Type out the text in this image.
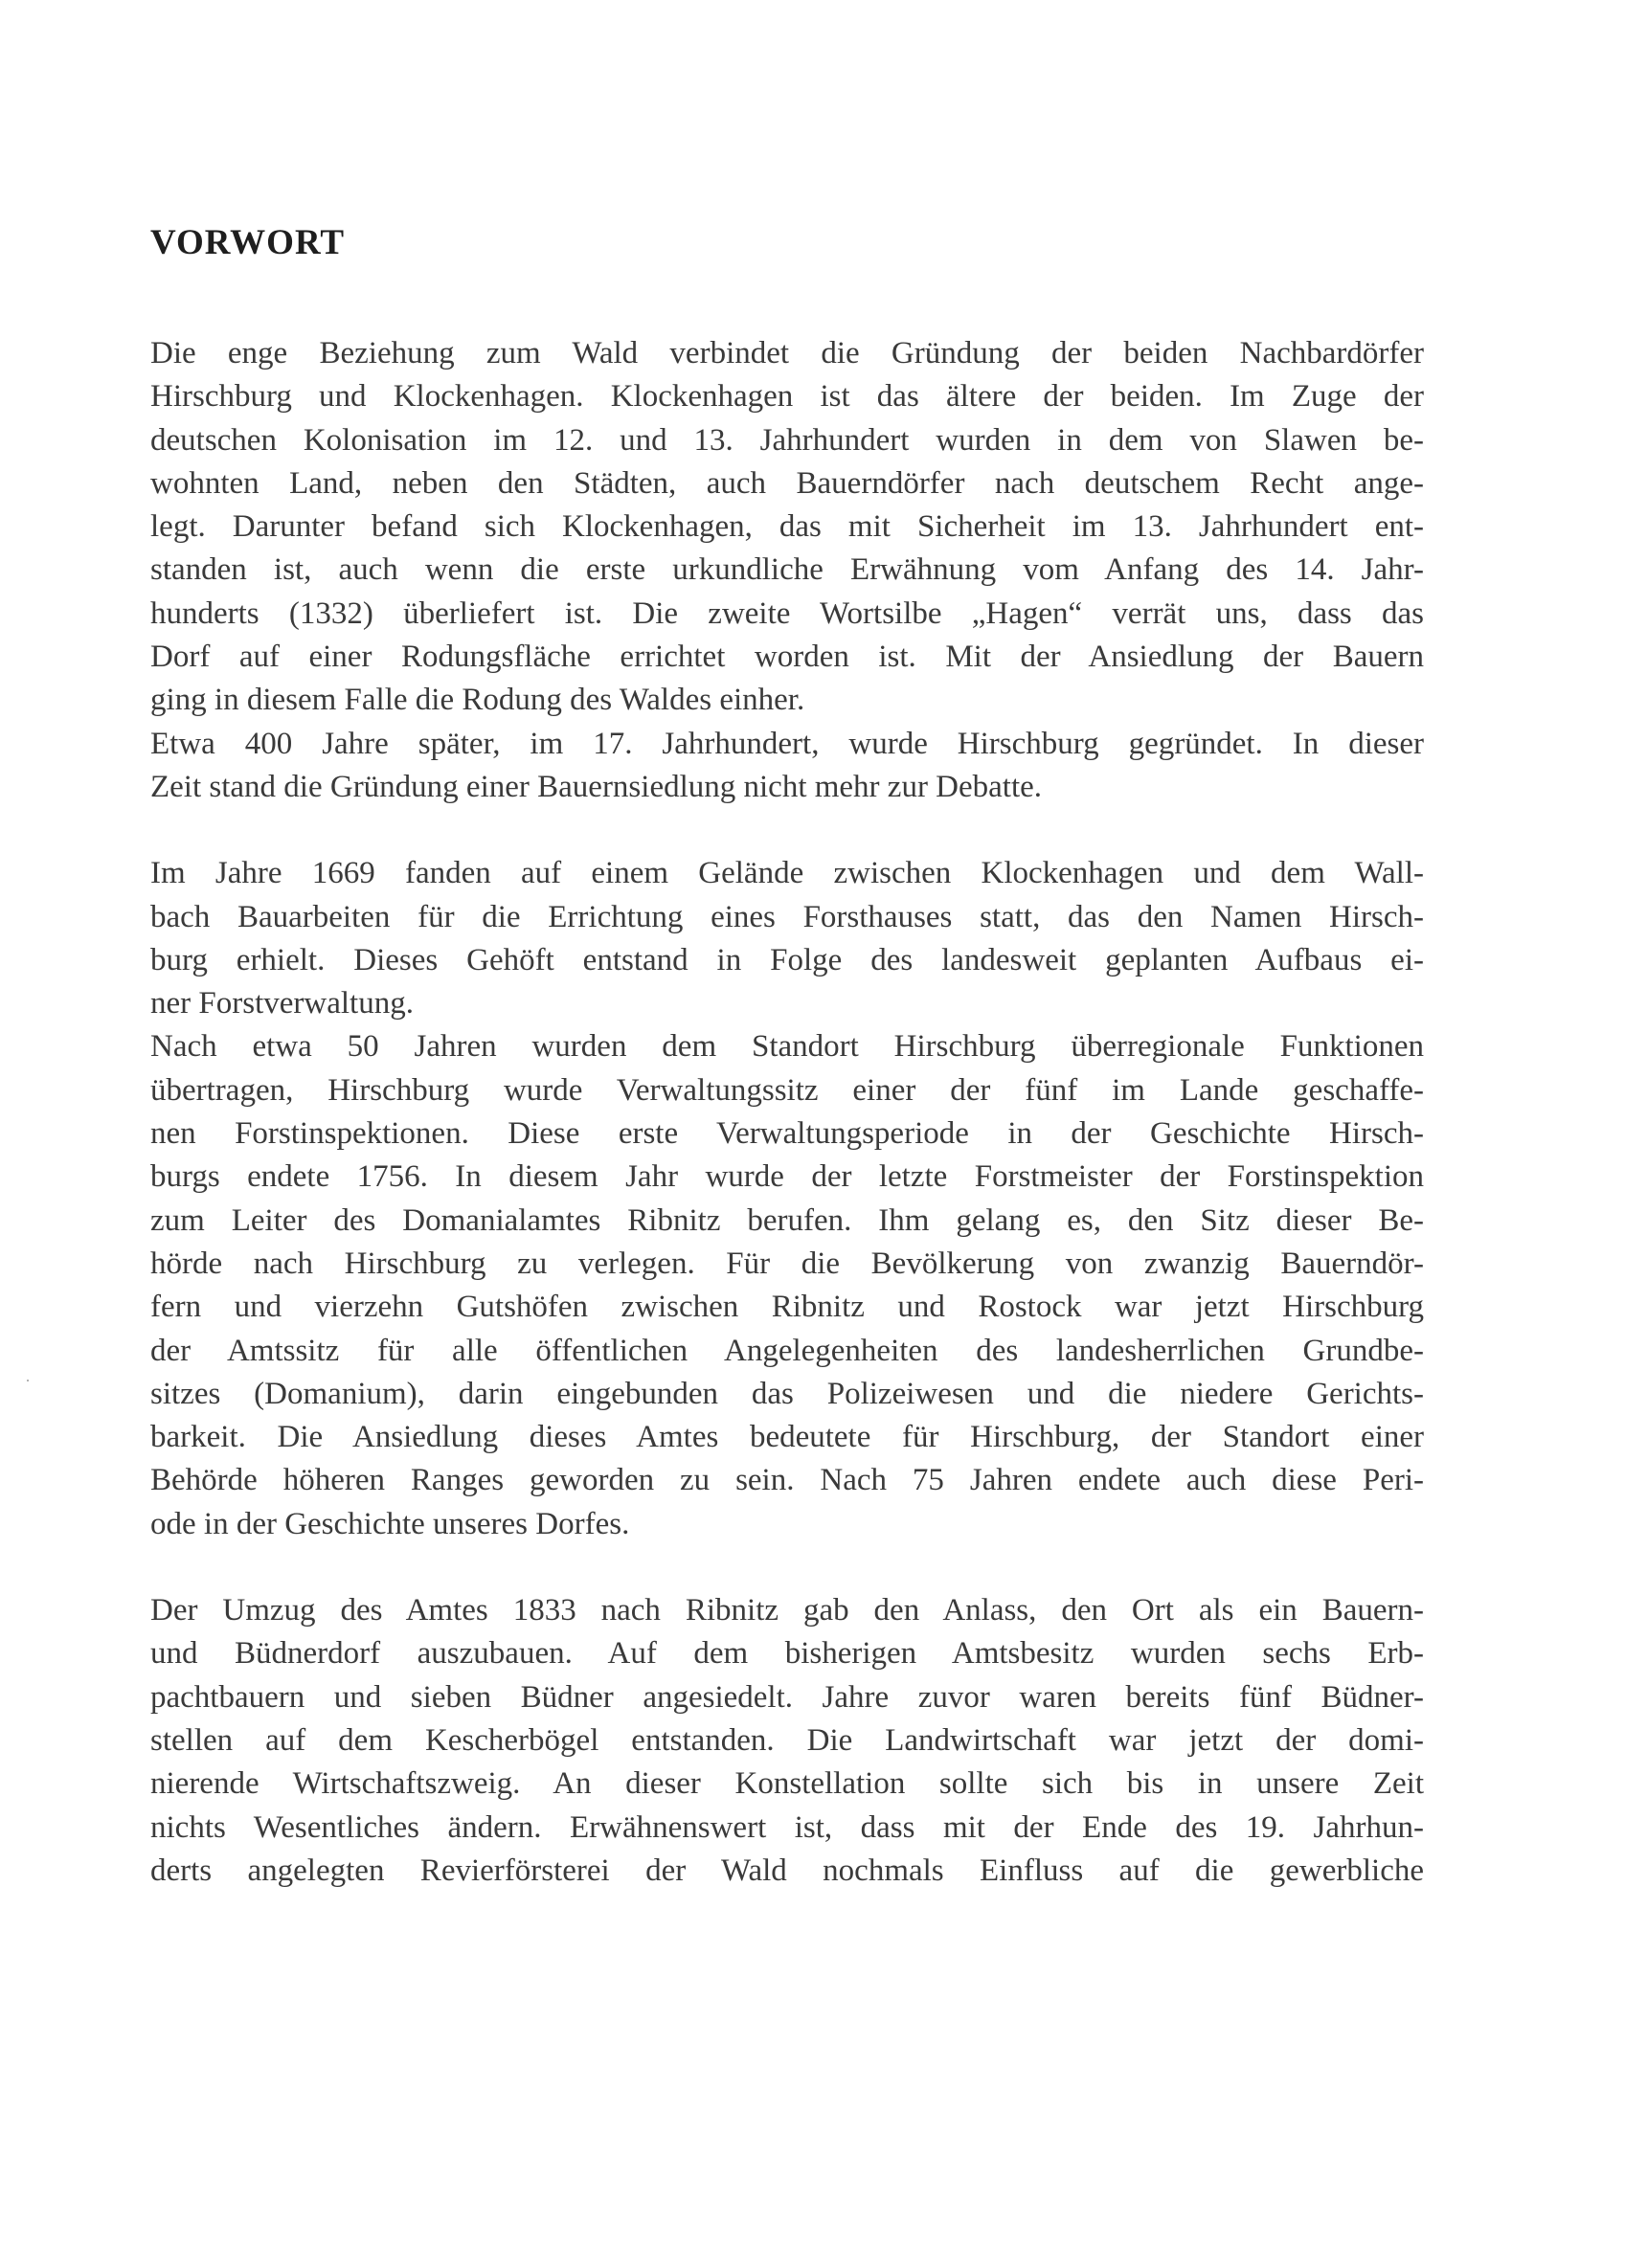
VORWORT
Die enge Beziehung zum Wald verbindet die Gründung der beiden Nachbardörfer
Hirschburg und Klockenhagen. Klockenhagen ist das ältere der beiden. Im Zuge der
deutschen Kolonisation im 12. und 13. Jahrhundert wurden in dem von Slawen be-
wohnten Land, neben den Städten, auch Bauerndörfer nach deutschem Recht ange-
legt. Darunter befand sich Klockenhagen, das mit Sicherheit im 13. Jahrhundert ent-
standen ist, auch wenn die erste urkundliche Erwähnung vom Anfang des 14. Jahr-
hunderts (1332) überliefert ist. Die zweite Wortsilbe „Hagen“ verrät uns, dass das
Dorf auf einer Rodungsfläche errichtet worden ist. Mit der Ansiedlung der Bauern
ging in diesem Falle die Rodung des Waldes einher.
Etwa 400 Jahre später, im 17. Jahrhundert, wurde Hirschburg gegründet. In dieser
Zeit stand die Gründung einer Bauernsiedlung nicht mehr zur Debatte.
Im Jahre 1669 fanden auf einem Gelände zwischen Klockenhagen und dem Wall-
bach Bauarbeiten für die Errichtung eines Forsthauses statt, das den Namen Hirsch-
burg erhielt. Dieses Gehöft entstand in Folge des landesweit geplanten Aufbaus ei-
ner Forstverwaltung.
Nach etwa 50 Jahren wurden dem Standort Hirschburg überregionale Funktionen
übertragen, Hirschburg wurde Verwaltungssitz einer der fünf im Lande geschaffe-
nen Forstinspektionen. Diese erste Verwaltungsperiode in der Geschichte Hirsch-
burgs endete 1756. In diesem Jahr wurde der letzte Forstmeister der Forstinspektion
zum Leiter des Domanialamtes Ribnitz berufen. Ihm gelang es, den Sitz dieser Be-
hörde nach Hirschburg zu verlegen. Für die Bevölkerung von zwanzig Bauerndör-
fern und vierzehn Gutshöfen zwischen Ribnitz und Rostock war jetzt Hirschburg
der Amtssitz für alle öffentlichen Angelegenheiten des landesherrlichen Grundbe-
sitzes (Domanium), darin eingebunden das Polizeiwesen und die niedere Gerichts-
barkeit. Die Ansiedlung dieses Amtes bedeutete für Hirschburg, der Standort einer
Behörde höheren Ranges geworden zu sein. Nach 75 Jahren endete auch diese Peri-
ode in der Geschichte unseres Dorfes.
Der Umzug des Amtes 1833 nach Ribnitz gab den Anlass, den Ort als ein Bauern-
und Büdnerdorf auszubauen. Auf dem bisherigen Amtsbesitz wurden sechs Erb-
pachtbauern und sieben Büdner angesiedelt. Jahre zuvor waren bereits fünf Büdner-
stellen auf dem Kescherbögel entstanden. Die Landwirtschaft war jetzt der domi-
nierende Wirtschaftszweig. An dieser Konstellation sollte sich bis in unsere Zeit
nichts Wesentliches ändern. Erwähnenswert ist, dass mit der Ende des 19. Jahrhun-
derts angelegten Revierförsterei der Wald nochmals Einfluss auf die gewerbliche
